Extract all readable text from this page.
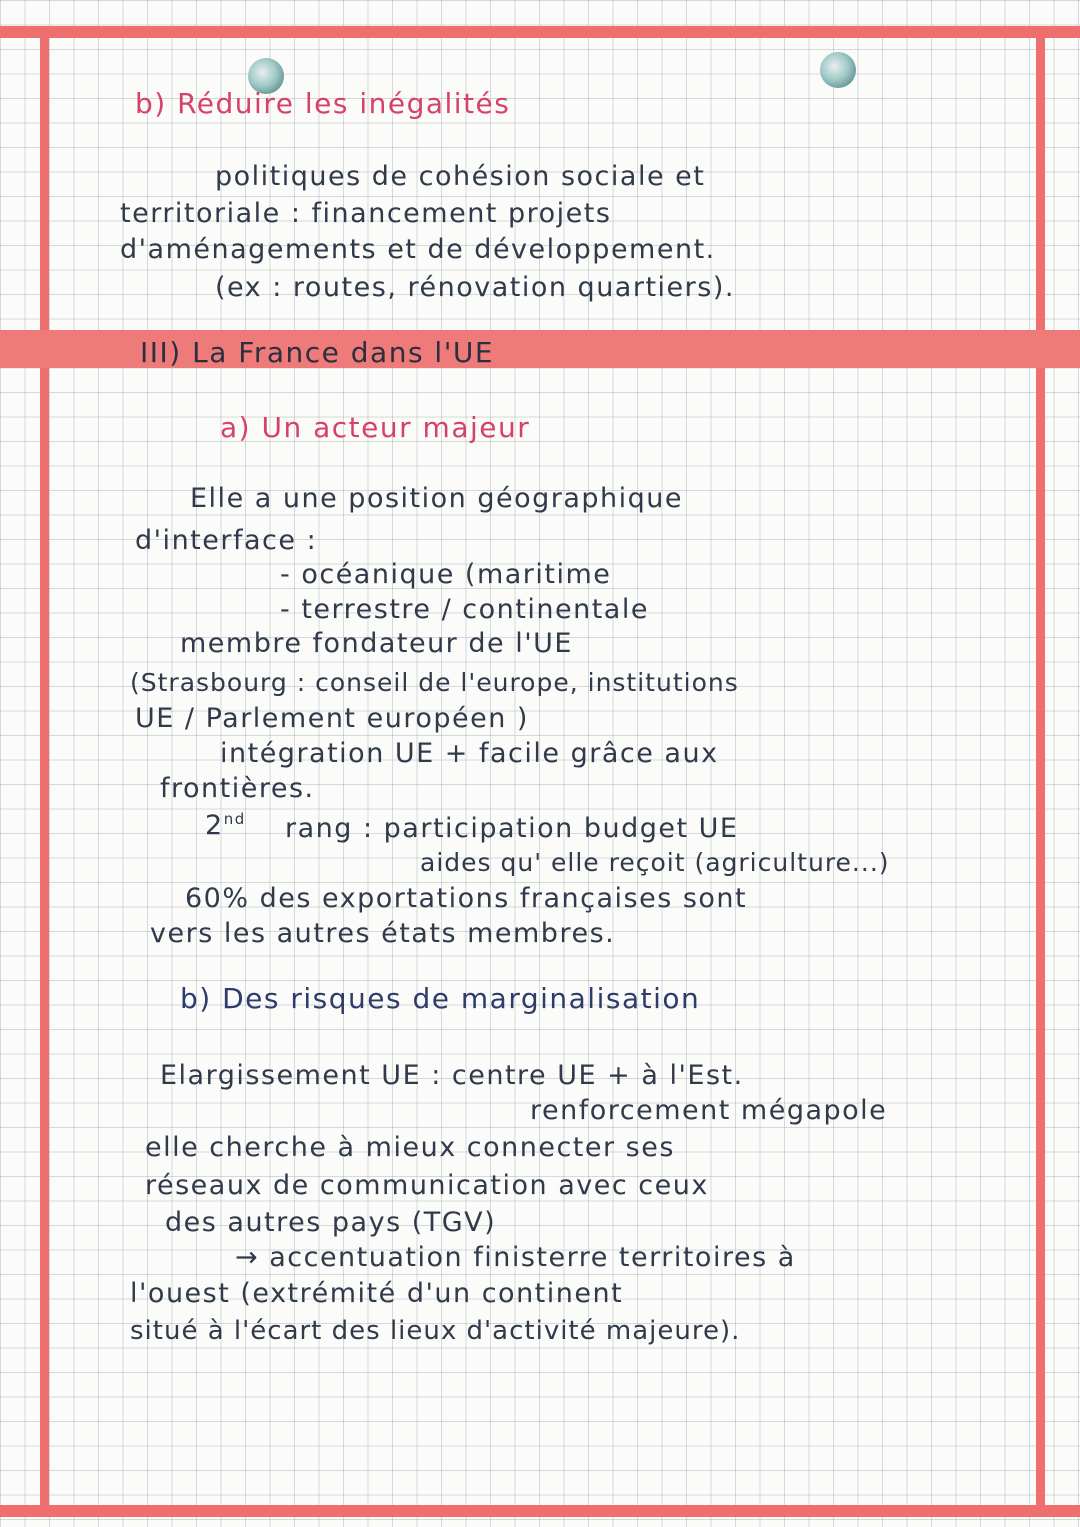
b) Réduire les inégalités

politiques de cohésion sociale et

territoriale : financement projets

d'aménagements et de développement.

(ex : routes, rénovation quartiers).

III) La France dans l'UE

a) Un acteur majeur

Elle a une position géographique

d'interface :

- océanique (maritime

- terrestre / continentale

membre fondateur de l'UE

(Strasbourg : conseil de l'europe, institutions

UE / Parlement européen )

intégration UE + facile grâce aux

frontières.

2nd rang : participation budget UE

aides qu' elle reçoit (agriculture...)

60% des exportations françaises sont

vers les autres états membres.

b) Des risques de marginalisation

Elargissement UE : centre UE + à l'Est.

renforcement mégapole

elle cherche à mieux connecter ses

réseaux de communication avec ceux

des autres pays (TGV)

→ accentuation finisterre territoires à

l'ouest (extrémité d'un continent

situé à l'écart des lieux d'activité majeure).
